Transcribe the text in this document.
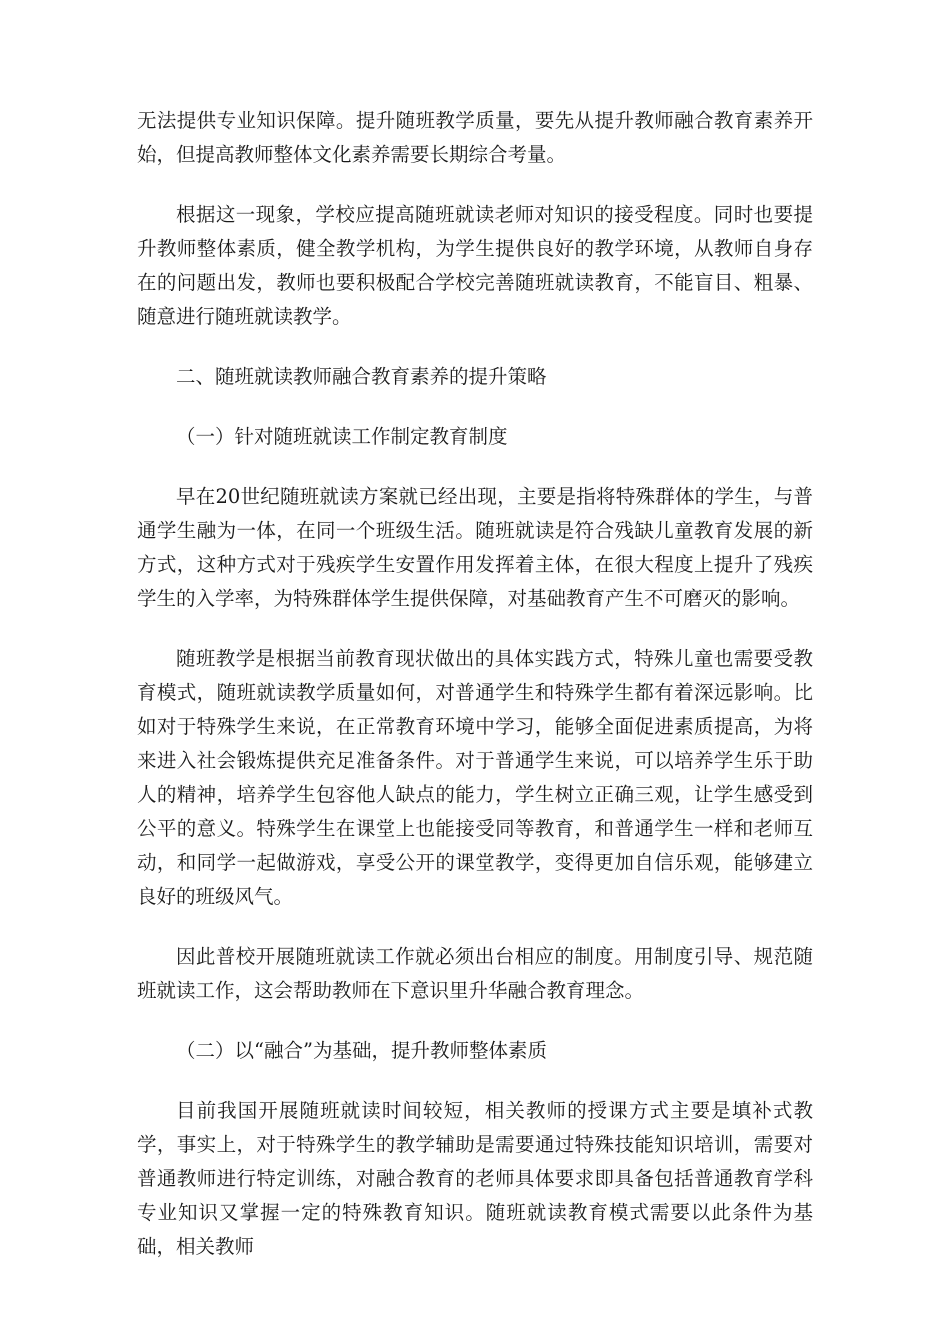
无法提供专业知识保障。提升随班教学质量，要先从提升教师融合教育素养开始，但提高教师整体文化素养需要长期综合考量。

根据这一现象，学校应提高随班就读老师对知识的接受程度。同时也要提升教师整体素质，健全教学机构，为学生提供良好的教学环境，从教师自身存在的问题出发，教师也要积极配合学校完善随班就读教育，不能盲目、粗暴、随意进行随班就读教学。

二、随班就读教师融合教育素养的提升策略

（一）针对随班就读工作制定教育制度

早在20世纪随班就读方案就已经出现，主要是指将特殊群体的学生，与普通学生融为一体，在同一个班级生活。随班就读是符合残缺儿童教育发展的新方式，这种方式对于残疾学生安置作用发挥着主体，在很大程度上提升了残疾学生的入学率，为特殊群体学生提供保障，对基础教育产生不可磨灭的影响。

随班教学是根据当前教育现状做出的具体实践方式，特殊儿童也需要受教育模式，随班就读教学质量如何，对普通学生和特殊学生都有着深远影响。比如对于特殊学生来说，在正常教育环境中学习，能够全面促进素质提高，为将来进入社会锻炼提供充足准备条件。对于普通学生来说，可以培养学生乐于助人的精神，培养学生包容他人缺点的能力，学生树立正确三观，让学生感受到公平的意义。特殊学生在课堂上也能接受同等教育，和普通学生一样和老师互动，和同学一起做游戏，享受公开的课堂教学，变得更加自信乐观，能够建立良好的班级风气。

因此普校开展随班就读工作就必须出台相应的制度。用制度引导、规范随班就读工作，这会帮助教师在下意识里升华融合教育理念。

（二）以“融合”为基础，提升教师整体素质

目前我国开展随班就读时间较短，相关教师的授课方式主要是填补式教学，事实上，对于特殊学生的教学辅助是需要通过特殊技能知识培训，需要对普通教师进行特定训练，对融合教育的老师具体要求即具备包括普通教育学科专业知识又掌握一定的特殊教育知识。随班就读教育模式需要以此条件为基础，相关教师
